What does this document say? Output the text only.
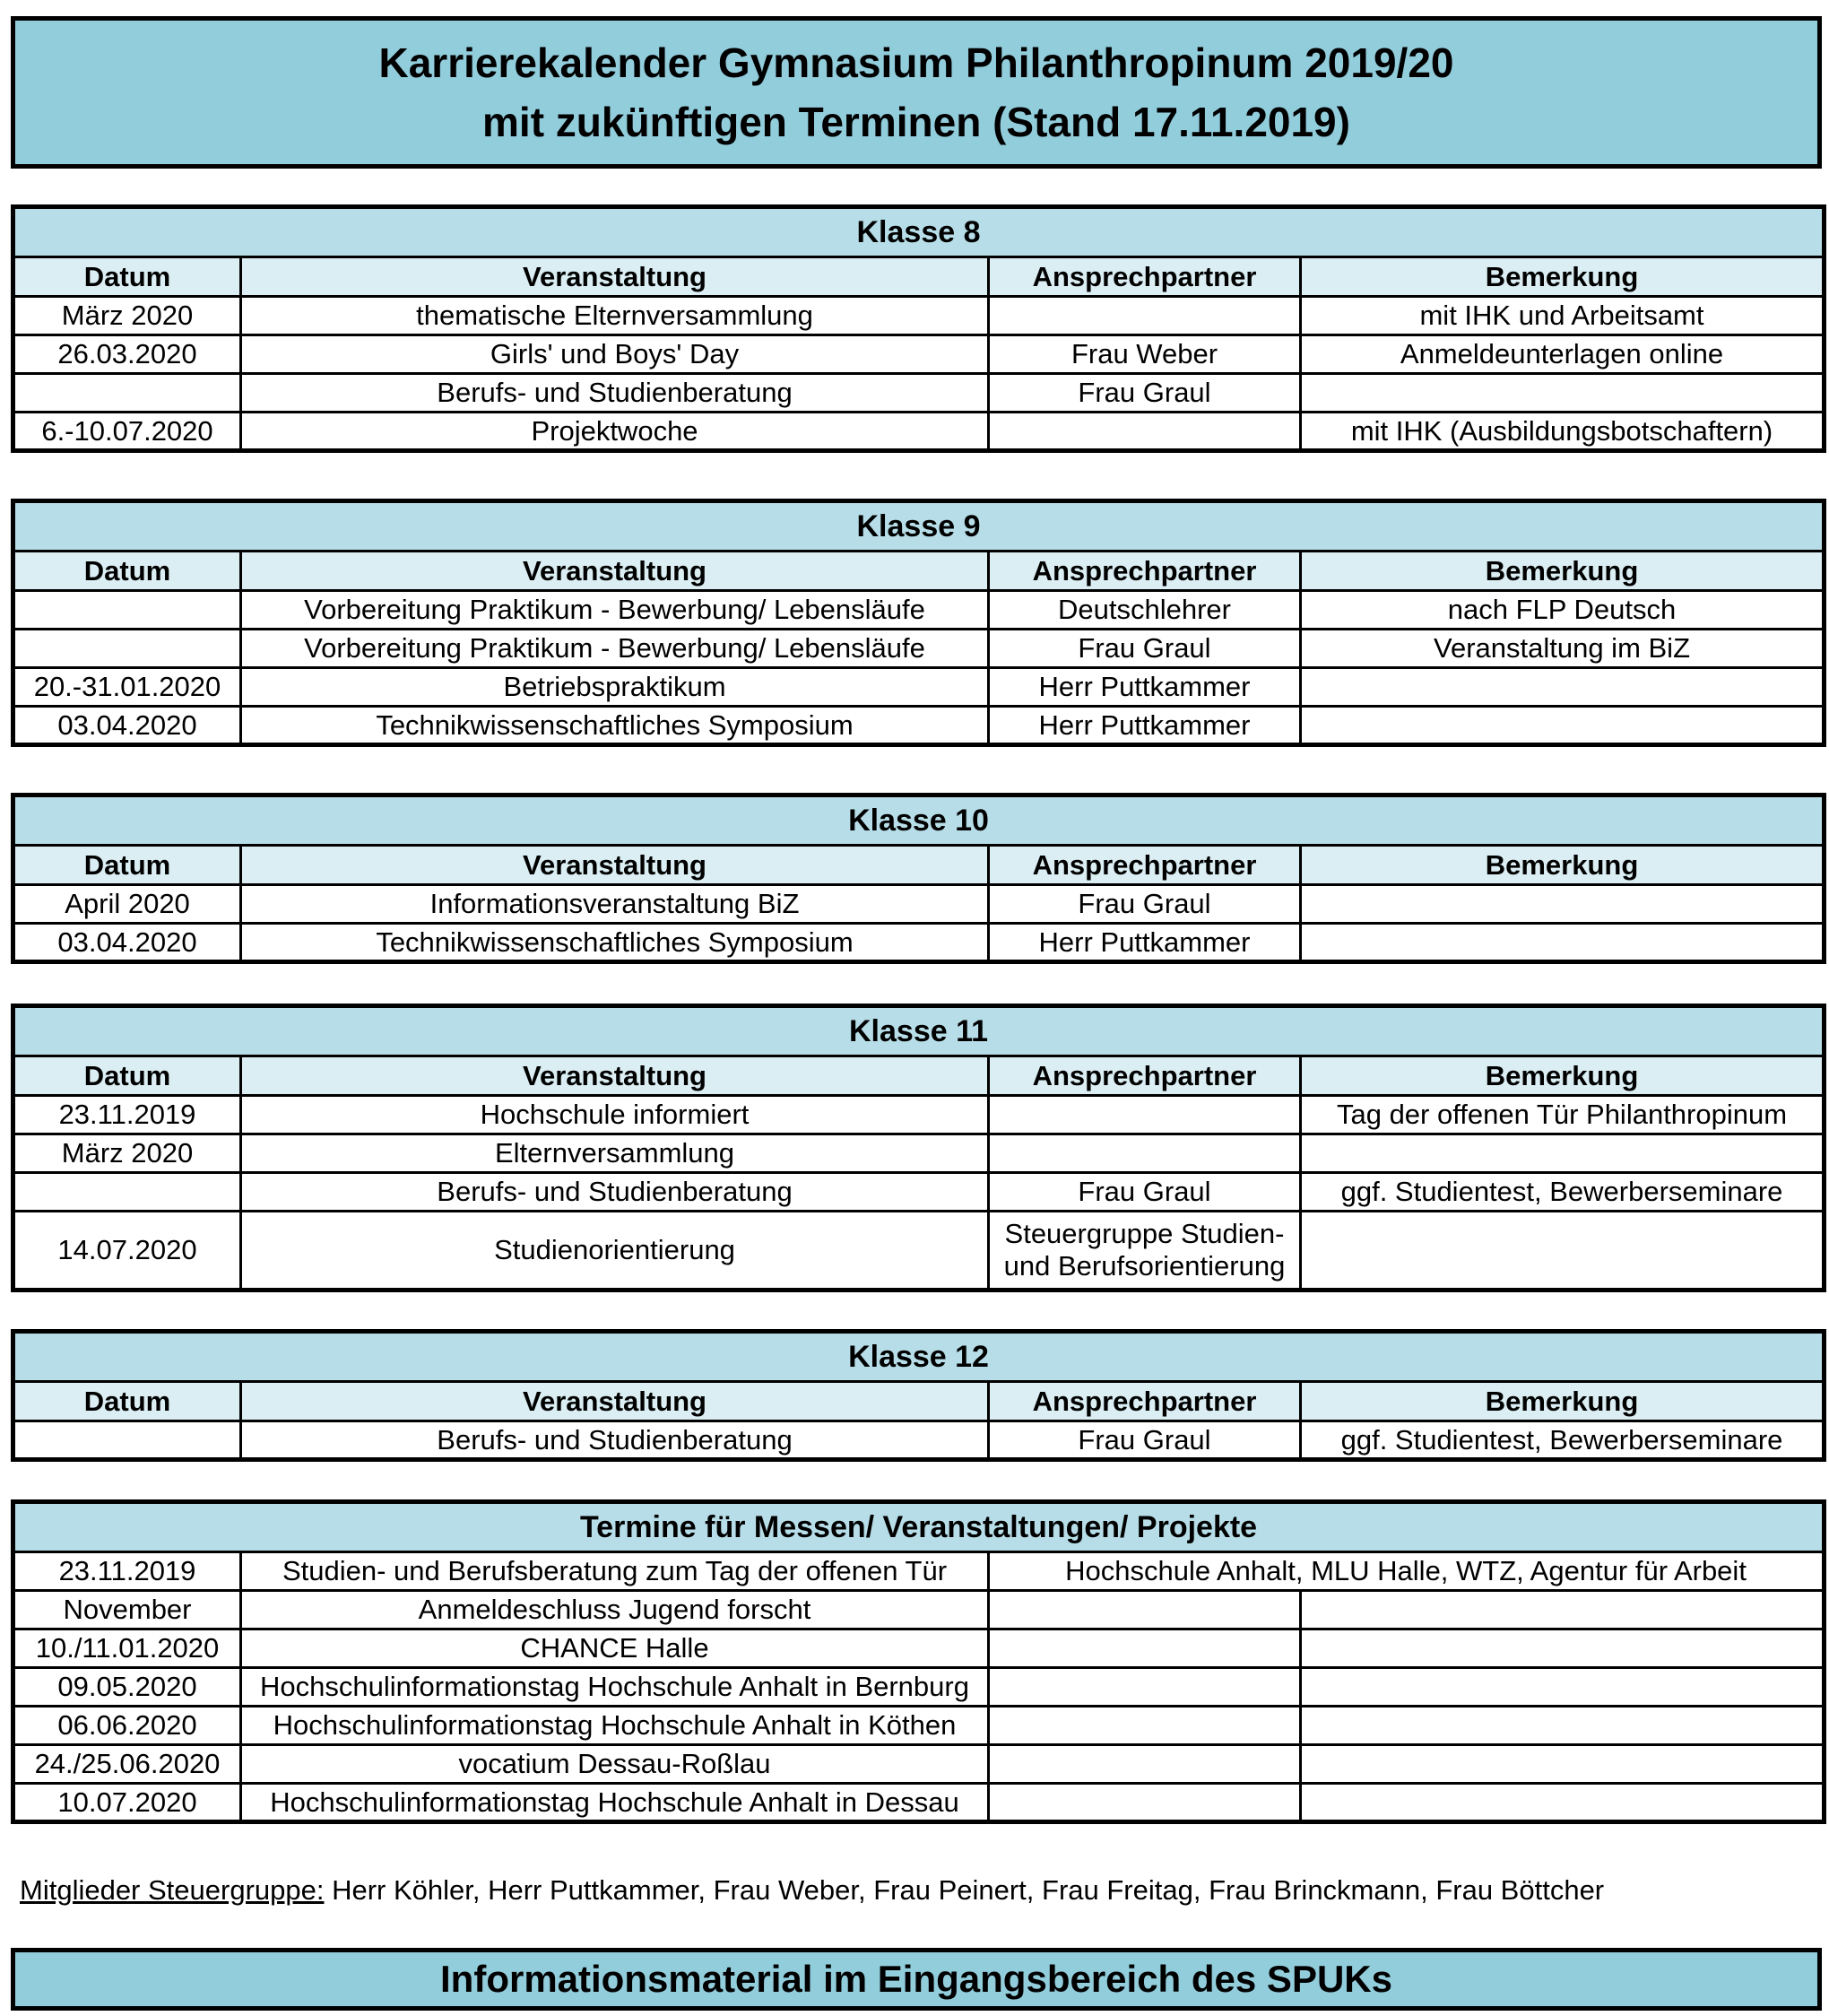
Karrierekalender Gymnasium Philanthropinum 2019/20
mit zukünftigen Terminen (Stand 17.11.2019)
Klasse 8			
Datum	Veranstaltung	Ansprechpartner	Bemerkung
März 2020	thematische Elternversammlung		mit IHK und Arbeitsamt
26.03.2020	Girls' und Boys' Day	Frau Weber	Anmeldeunterlagen online
	Berufs- und Studienberatung	Frau Graul	
6.-10.07.2020	Projektwoche		mit IHK (Ausbildungsbotschaftern)
Klasse 9			
Datum	Veranstaltung	Ansprechpartner	Bemerkung
	Vorbereitung Praktikum - Bewerbung/ Lebensläufe	Deutschlehrer	nach FLP Deutsch
	Vorbereitung Praktikum - Bewerbung/ Lebensläufe	Frau Graul	Veranstaltung im BiZ
20.-31.01.2020	Betriebspraktikum	Herr Puttkammer	
03.04.2020	Technikwissenschaftliches Symposium	Herr Puttkammer	
Klasse 10			
Datum	Veranstaltung	Ansprechpartner	Bemerkung
April 2020	Informationsveranstaltung BiZ	Frau Graul	
03.04.2020	Technikwissenschaftliches Symposium	Herr Puttkammer	
Klasse 11			
Datum	Veranstaltung	Ansprechpartner	Bemerkung
23.11.2019	Hochschule informiert		Tag der offenen Tür Philanthropinum
März 2020	Elternversammlung		
	Berufs- und Studienberatung	Frau Graul	ggf. Studientest, Bewerberseminare
14.07.2020	Studienorientierung	Steuergruppe Studien- und Berufsorientierung	
Klasse 12			
Datum	Veranstaltung	Ansprechpartner	Bemerkung
	Berufs- und Studienberatung	Frau Graul	ggf. Studientest, Bewerberseminare
Termine für Messen/ Veranstaltungen/ Projekte			
23.11.2019	Studien- und Berufsberatung zum Tag der offenen Tür	Hochschule Anhalt, MLU Halle, WTZ, Agentur für Arbeit	
November	Anmeldeschluss Jugend forscht		
10./11.01.2020	CHANCE Halle		
09.05.2020	Hochschulinformationstag Hochschule Anhalt in Bernburg		
06.06.2020	Hochschulinformationstag Hochschule Anhalt in Köthen		
24./25.06.2020	vocatium Dessau-Roßlau		
10.07.2020	Hochschulinformationstag Hochschule Anhalt in Dessau		
Mitglieder Steuergruppe: Herr Köhler, Herr Puttkammer, Frau Weber, Frau Peinert, Frau Freitag, Frau Brinckmann, Frau Böttcher
Informationsmaterial im Eingangsbereich des SPUKs
